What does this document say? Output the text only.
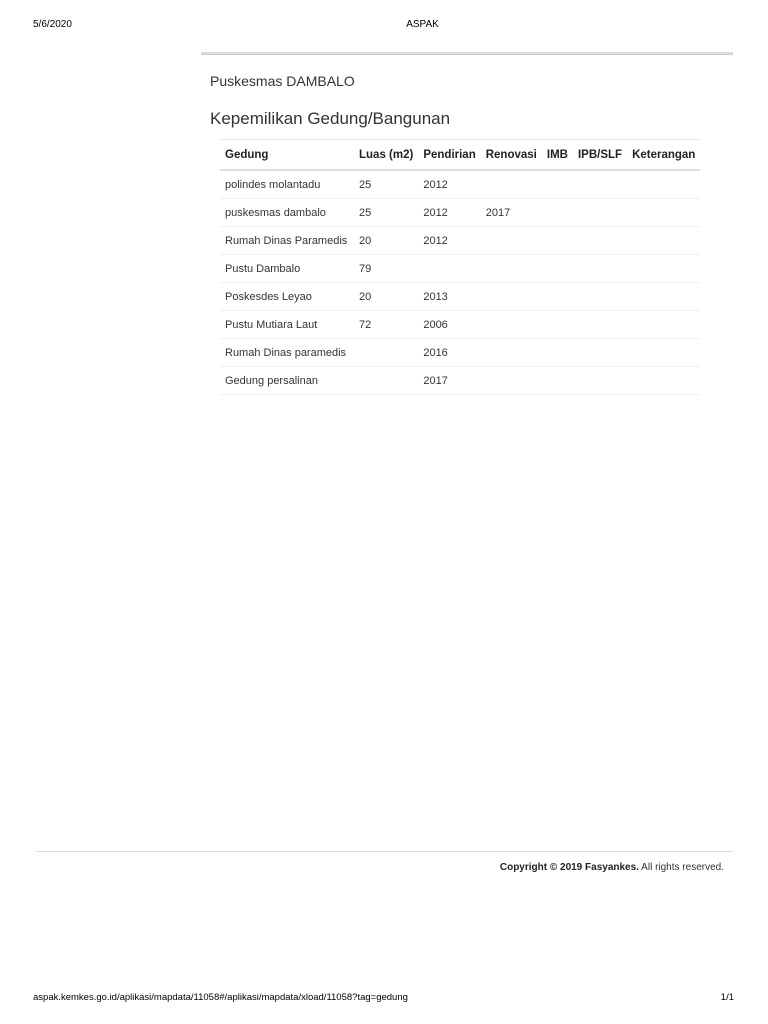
5/6/2020	ASPAK
Puskesmas DAMBALO
Kepemilikan Gedung/Bangunan
Gedung	Luas (m2)	Pendirian	Renovasi	IMB	IPB/SLF	Keterangan
polindes molantadu	25	2012				
puskesmas dambalo	25	2012	2017			
Rumah Dinas Paramedis	20	2012				
Pustu Dambalo	79					
Poskesdes Leyao	20	2013				
Pustu Mutiara Laut	72	2006				
Rumah Dinas paramedis		2016				
Gedung persalinan		2017				
Copyright © 2019 Fasyankes. All rights reserved.
aspak.kemkes.go.id/aplikasi/mapdata/11058#/aplikasi/mapdata/xload/11058?tag=gedung	1/1
